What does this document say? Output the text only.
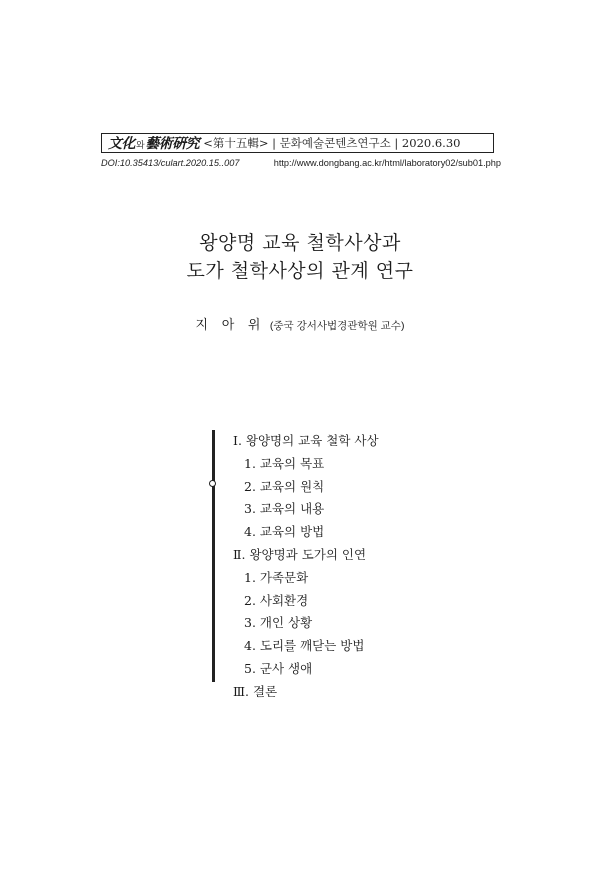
文化 와 藝術硏究 <第十五輯> | 문화예술콘텐츠연구소 | 2020.6.30
DOI:10.35413/culart.2020.15..007	http://www.dongbang.ac.kr/html/laboratory02/sub01.php
왕양명 교육 철학사상과
도가 철학사상의 관계 연구
지 아 위 (중국 강서사법경관학원 교수)
Ⅰ. 왕양명의 교육 철학 사상
1. 교육의 목표
2. 교육의 원칙
3. 교육의 내용
4. 교육의 방법
Ⅱ. 왕양명과 도가의 인연
1. 가족문화
2. 사회환경
3. 개인 상황
4. 도리를 깨닫는 방법
5. 군사 생애
Ⅲ. 결론
